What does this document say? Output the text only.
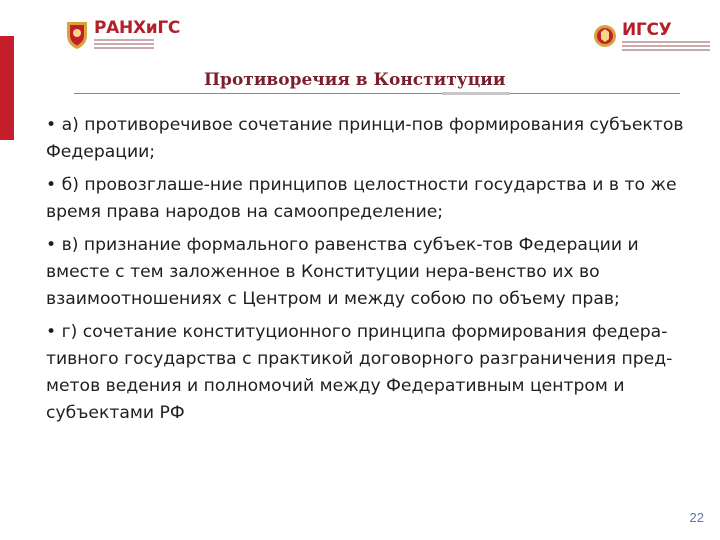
РАНХиГС	ИГСУ
Противоречия в Конституции

• а) противоречивое сочетание принци-пов формирования субъектов Федерации;

• б) провозглаше-ние принципов целостности государства и в то же время права народов на самоопределение;

• в) признание формального равенства субъек-тов Федерации и вместе с тем заложенное в Конституции нера-венство их во взаимоотношениях с Центром и между собою по объему прав;

• г) сочетание конституционного принципа формирования федера-тивного государства с практикой договорного разграничения пред-метов ведения и полномочий между Федеративным центром и субъектами РФ

22
